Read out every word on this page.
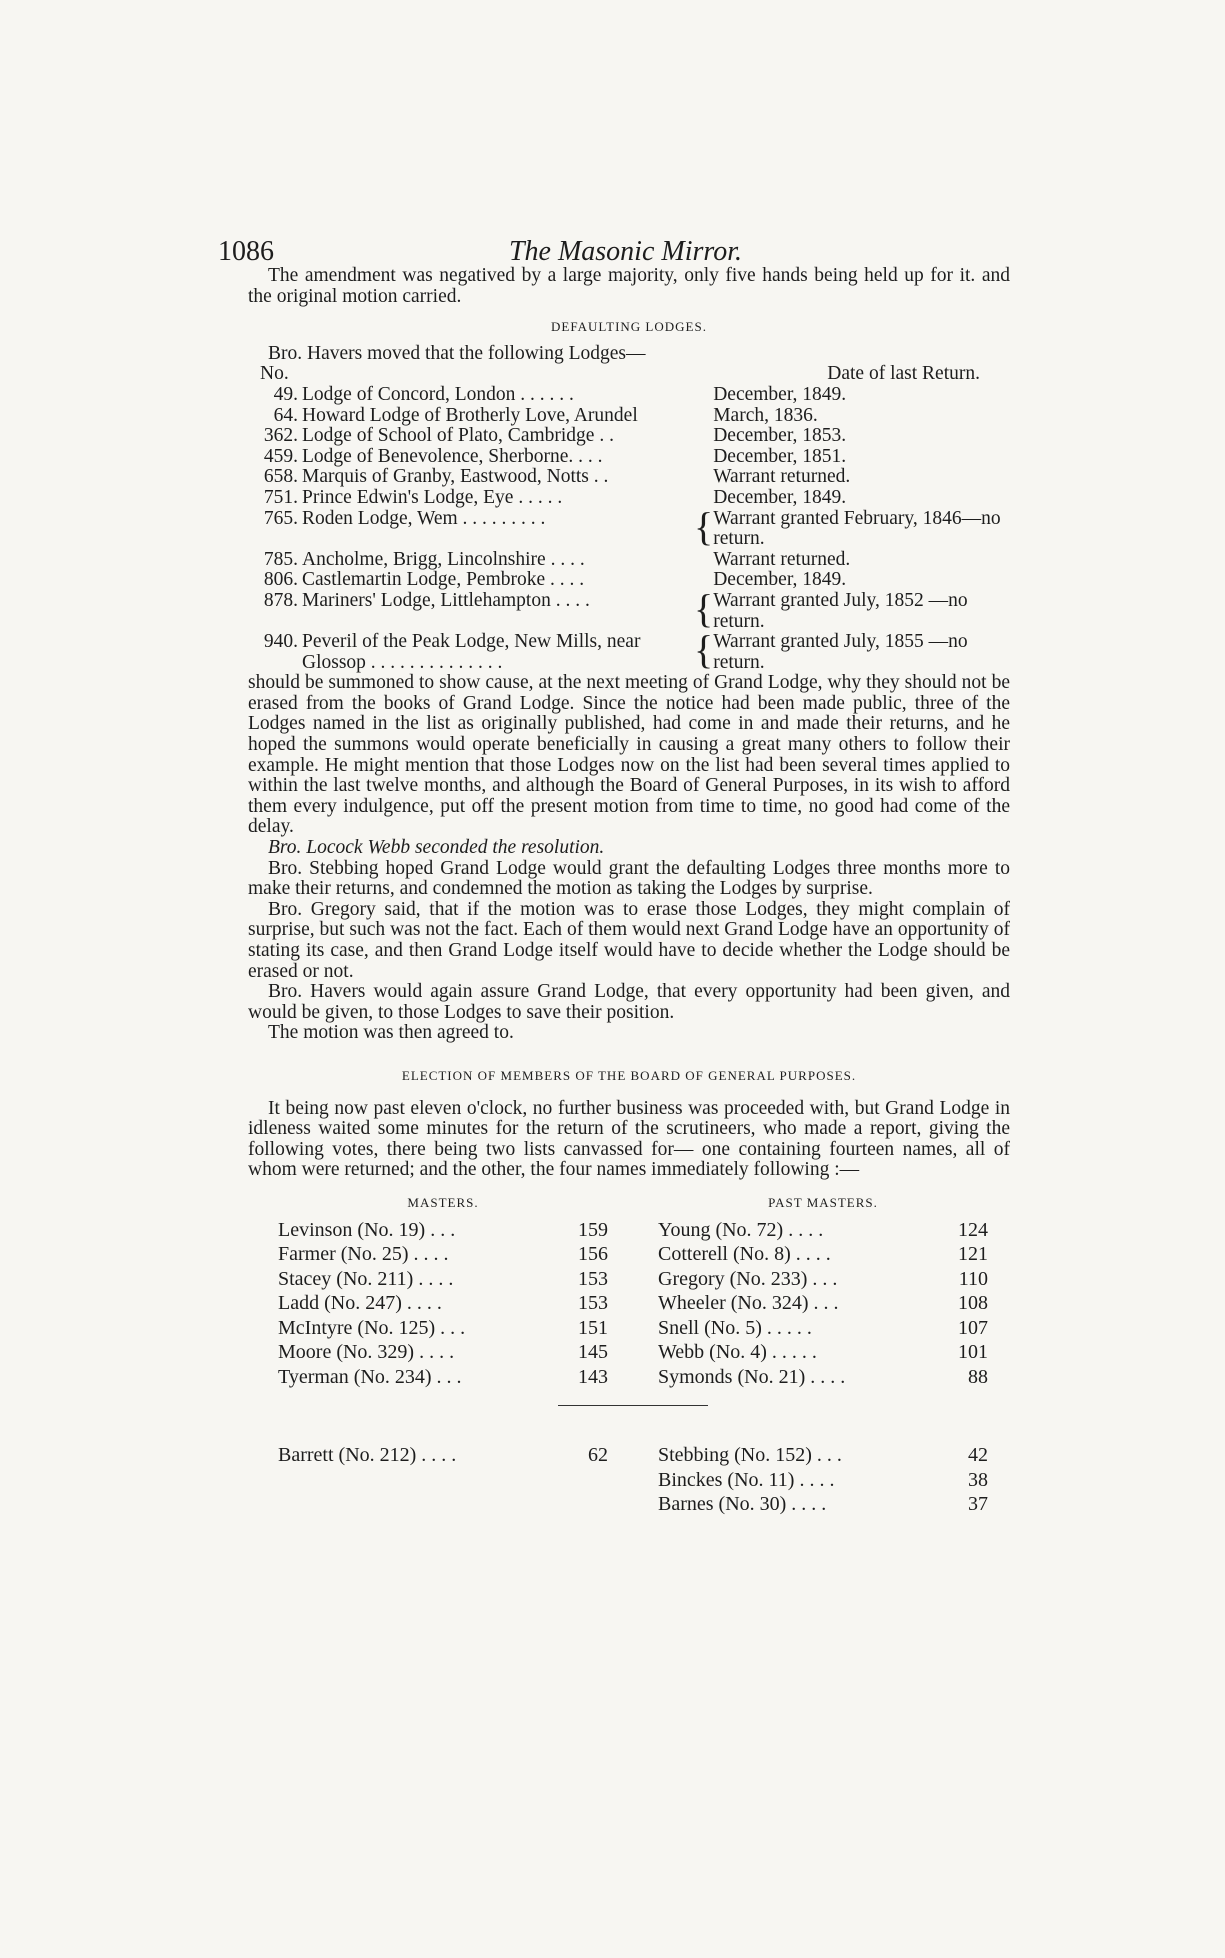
1086	The Masonic Mirror.

The amendment was negatived by a large majority, only five hands being held up for it. and the original motion carried.

DEFAULTING LODGES.

Bro. Havers moved that the following Lodges—

No.			Date of last Return.
49.	Lodge of Concord, London . . . . . .		December, 1849.
64.	Howard Lodge of Brotherly Love, Arundel		March, 1836.
362.	Lodge of School of Plato, Cambridge . .		December, 1853.
459.	Lodge of Benevolence, Sherborne. . . .		December, 1851.
658.	Marquis of Granby, Eastwood, Notts . .		Warrant returned.
751.	Prince Edwin's Lodge, Eye . . . . .		December, 1849.
765.	Roden Lodge, Wem . . . . . . . . .	{	Warrant granted February, 1846—no return.
785.	Ancholme, Brigg, Lincolnshire . . . .		Warrant returned.
806.	Castlemartin Lodge, Pembroke . . . .		December, 1849.
878.	Mariners' Lodge, Littlehampton . . . .	{	Warrant granted July, 1852 —no return.
940.	Peveril of the Peak Lodge, New Mills, near Glossop . . . . . . . . . . . . . .	{	Warrant granted July, 1855 —no return.

should be summoned to show cause, at the next meeting of Grand Lodge, why they should not be erased from the books of Grand Lodge. Since the notice had been made public, three of the Lodges named in the list as originally published, had come in and made their returns, and he hoped the summons would operate beneficially in causing a great many others to follow their example. He might mention that those Lodges now on the list had been several times applied to within the last twelve months, and although the Board of General Purposes, in its wish to afford them every indulgence, put off the present motion from time to time, no good had come of the delay.

Bro. Locock Webb seconded the resolution.

Bro. Stebbing hoped Grand Lodge would grant the defaulting Lodges three months more to make their returns, and condemned the motion as taking the Lodges by surprise.

Bro. Gregory said, that if the motion was to erase those Lodges, they might complain of surprise, but such was not the fact. Each of them would next Grand Lodge have an opportunity of stating its case, and then Grand Lodge itself would have to decide whether the Lodge should be erased or not.

Bro. Havers would again assure Grand Lodge, that every opportunity had been given, and would be given, to those Lodges to save their position.

The motion was then agreed to.

ELECTION OF MEMBERS OF THE BOARD OF GENERAL PURPOSES.

It being now past eleven o'clock, no further business was proceeded with, but Grand Lodge in idleness waited some minutes for the return of the scrutineers, who made a report, giving the following votes, there being two lists canvassed for— one containing fourteen names, all of whom were returned; and the other, the four names immediately following :—

MASTERS.
Levinson (No. 19) . . .	159
Farmer (No. 25) . . . .	156
Stacey (No. 211) . . . .	153
Ladd (No. 247) . . . .	153
McIntyre (No. 125) . . .	151
Moore (No. 329) . . . .	145
Tyerman (No. 234) . . .	143
Barrett (No. 212) . . . .	62
PAST MASTERS.
Young (No. 72) . . . .	124
Cotterell (No. 8) . . . .	121
Gregory (No. 233) . . .	110
Wheeler (No. 324) . . .	108
Snell (No. 5) . . . . .	107
Webb (No. 4) . . . . .	101
Symonds (No. 21) . . . .	88
Stebbing (No. 152) . . .	42
Binckes (No. 11) . . . .	38
Barnes (No. 30) . . . .	37
